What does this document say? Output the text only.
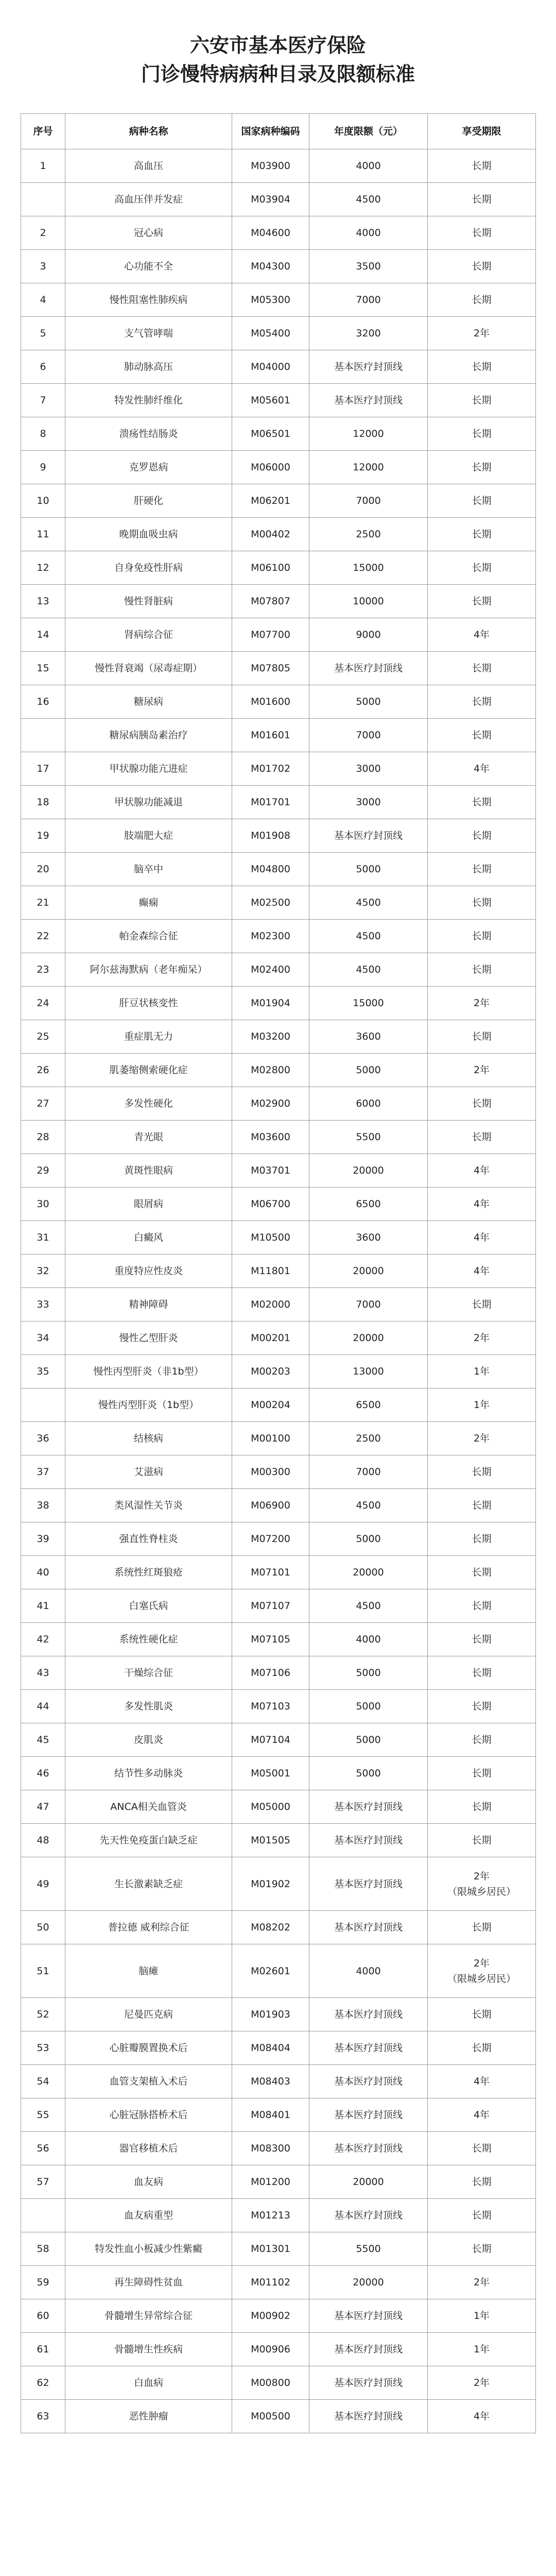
六安市基本医疗保险

门诊慢特病病种目录及限额标准

序号	病种名称	国家病种编码	年度限额（元）	享受期限
1	高血压	M03900	4000	长期
	高血压伴并发症	M03904	4500	长期
2	冠心病	M04600	4000	长期
3	心功能不全	M04300	3500	长期
4	慢性阻塞性肺疾病	M05300	7000	长期
5	支气管哮喘	M05400	3200	2年
6	肺动脉高压	M04000	基本医疗封顶线	长期
7	特发性肺纤维化	M05601	基本医疗封顶线	长期
8	溃疡性结肠炎	M06501	12000	长期
9	克罗恩病	M06000	12000	长期
10	肝硬化	M06201	7000	长期
11	晚期血吸虫病	M00402	2500	长期
12	自身免疫性肝病	M06100	15000	长期
13	慢性肾脏病	M07807	10000	长期
14	肾病综合征	M07700	9000	4年
15	慢性肾衰竭（尿毒症期）	M07805	基本医疗封顶线	长期
16	糖尿病	M01600	5000	长期
	糖尿病胰岛素治疗	M01601	7000	长期
17	甲状腺功能亢进症	M01702	3000	4年
18	甲状腺功能减退	M01701	3000	长期
19	肢端肥大症	M01908	基本医疗封顶线	长期
20	脑卒中	M04800	5000	长期
21	癫痫	M02500	4500	长期
22	帕金森综合征	M02300	4500	长期
23	阿尔兹海默病（老年痴呆）	M02400	4500	长期
24	肝豆状核变性	M01904	15000	2年
25	重症肌无力	M03200	3600	长期
26	肌萎缩侧索硬化症	M02800	5000	2年
27	多发性硬化	M02900	6000	长期
28	青光眼	M03600	5500	长期
29	黄斑性眼病	M03701	20000	4年
30	眼屑病	M06700	6500	4年
31	白癜风	M10500	3600	4年
32	重度特应性皮炎	M11801	20000	4年
33	精神障碍	M02000	7000	长期
34	慢性乙型肝炎	M00201	20000	2年
35	慢性丙型肝炎（非1b型）	M00203	13000	1年
	慢性丙型肝炎（1b型）	M00204	6500	1年
36	结核病	M00100	2500	2年
37	艾滋病	M00300	7000	长期
38	类风湿性关节炎	M06900	4500	长期
39	强直性脊柱炎	M07200	5000	长期
40	系统性红斑狼疮	M07101	20000	长期
41	白塞氏病	M07107	4500	长期
42	系统性硬化症	M07105	4000	长期
43	干燥综合征	M07106	5000	长期
44	多发性肌炎	M07103	5000	长期
45	皮肌炎	M07104	5000	长期
46	结节性多动脉炎	M05001	5000	长期
47	ANCA相关血管炎	M05000	基本医疗封顶线	长期
48	先天性免疫蛋白缺乏症	M01505	基本医疗封顶线	长期
49	生长激素缺乏症	M01902	基本医疗封顶线	2年
（限城乡居民）

50	普拉德 威利综合征	M08202	基本医疗封顶线	长期
51	脑瘫	M02601	4000	2年
（限城乡居民）

52	尼曼匹克病	M01903	基本医疗封顶线	长期
53	心脏瓣膜置换术后	M08404	基本医疗封顶线	长期
54	血管支架植入术后	M08403	基本医疗封顶线	4年
55	心脏冠脉搭桥术后	M08401	基本医疗封顶线	4年
56	器官移植术后	M08300	基本医疗封顶线	长期
57	血友病	M01200	20000	长期
	血友病重型	M01213	基本医疗封顶线	长期
58	特发性血小板减少性紫癜	M01301	5500	长期
59	再生障碍性贫血	M01102	20000	2年
60	骨髓增生异常综合征	M00902	基本医疗封顶线	1年
61	骨髓增生性疾病	M00906	基本医疗封顶线	1年
62	白血病	M00800	基本医疗封顶线	2年
63	恶性肿瘤	M00500	基本医疗封顶线	4年
